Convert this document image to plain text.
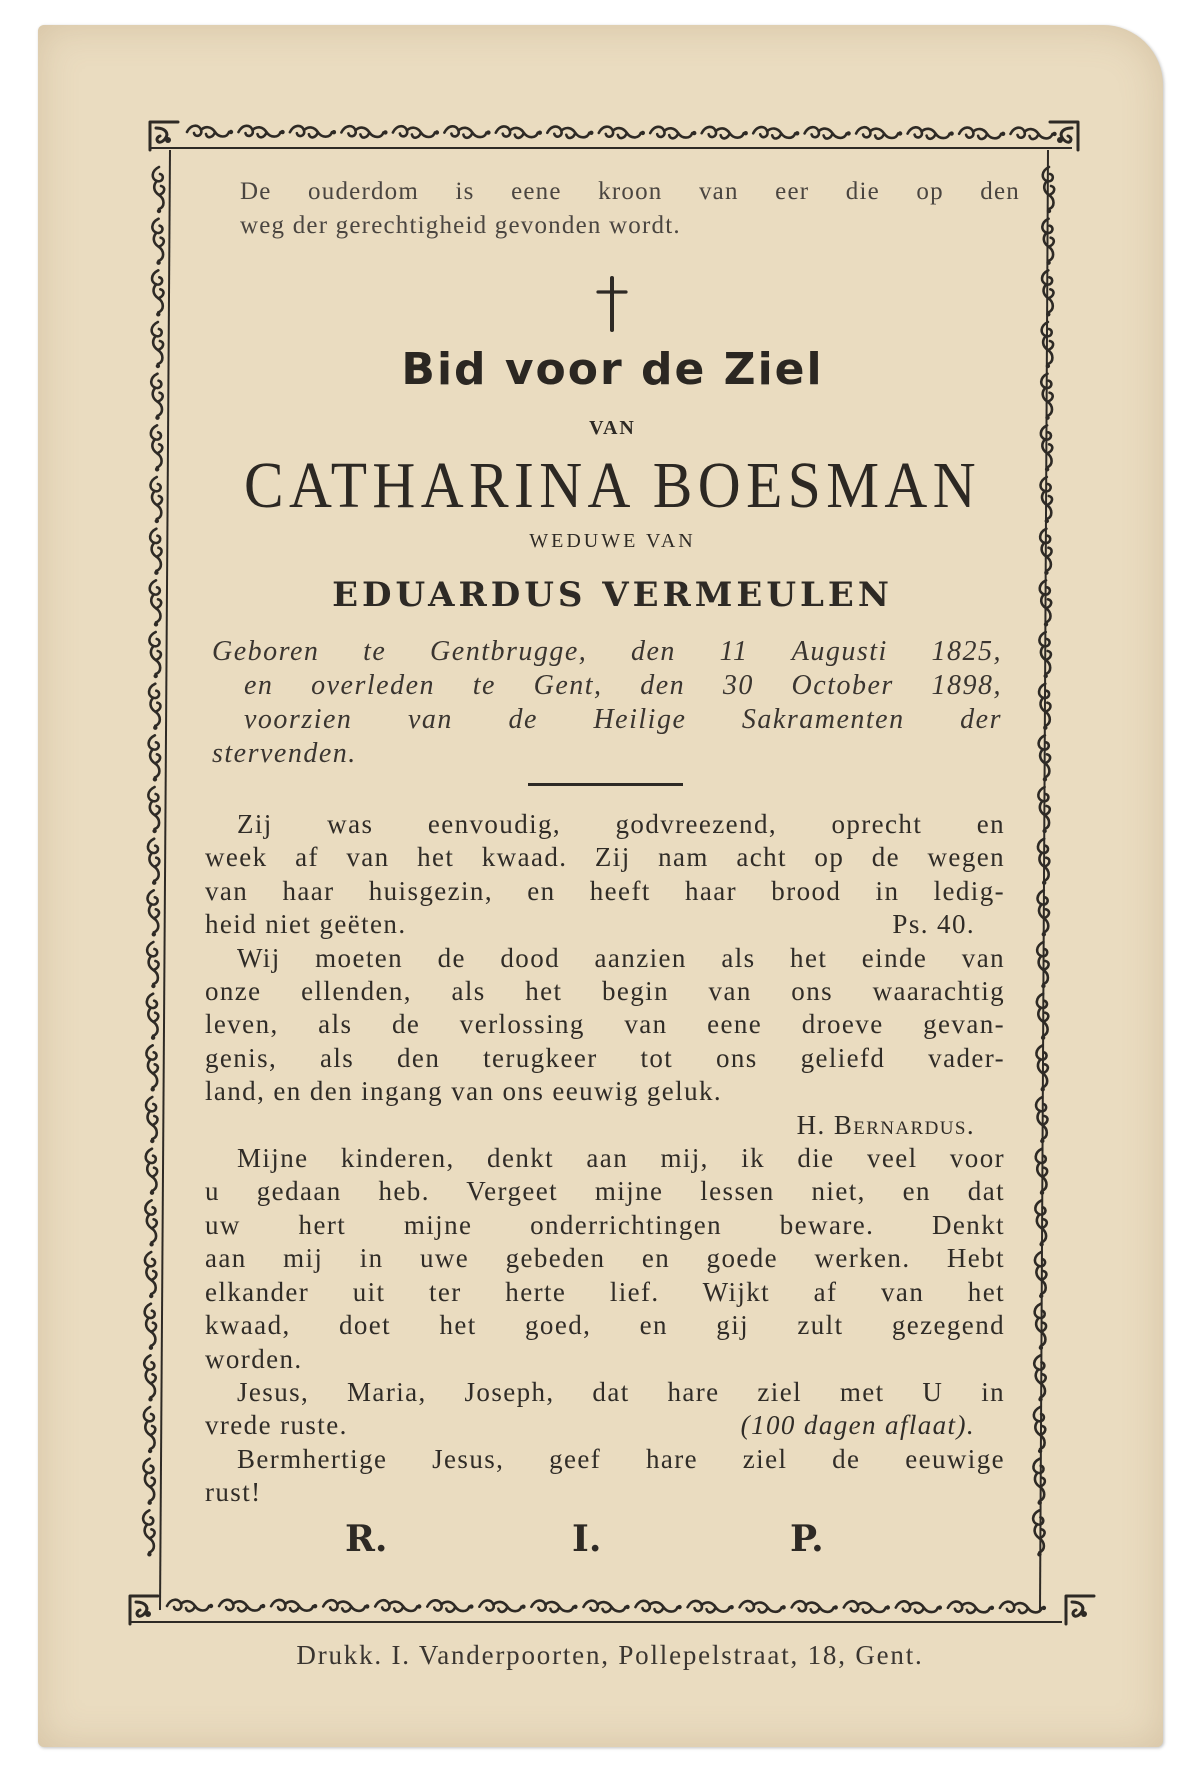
De ouderdom is eene kroon van eer die op den
weg der gerechtigheid gevonden wordt.
Bid voor de Ziel
VAN
CATHARINA BOESMAN
WEDUWE VAN
EDUARDUS VERMEULEN
Geboren te Gentbrugge, den 11 Augusti 1825,
en overleden te Gent, den 30 October 1898,
voorzien van de Heilige Sakramenten der
stervenden.

Zij was eenvoudig, godvreezend, oprecht en
week af van het kwaad. Zij nam acht op de wegen
van haar huisgezin, en heeft haar brood in ledig-
heid niet geëten.	Ps. 40.

Wij moeten de dood aanzien als het einde van
onze ellenden, als het begin van ons waarachtig
leven, als de verlossing van eene droeve gevan-
genis, als den terugkeer tot ons geliefd vader-
land, en den ingang van ons eeuwig geluk.
H. Bernardus.

Mijne kinderen, denkt aan mij, ik die veel voor
u gedaan heb. Vergeet mijne lessen niet, en dat
uw hert mijne onderrichtingen beware. Denkt
aan mij in uwe gebeden en goede werken. Hebt
elkander uit ter herte lief. Wijkt af van het
kwaad, doet het goed, en gij zult gezegend
worden.

Jesus, Maria, Joseph, dat hare ziel met U in
vrede ruste.	(100 dagen aflaat).

Bermhertige Jesus, geef hare ziel de eeuwige
rust!

R.	I.	P.
Drukk. I. Vanderpoorten, Pollepelstraat, 18, Gent.
